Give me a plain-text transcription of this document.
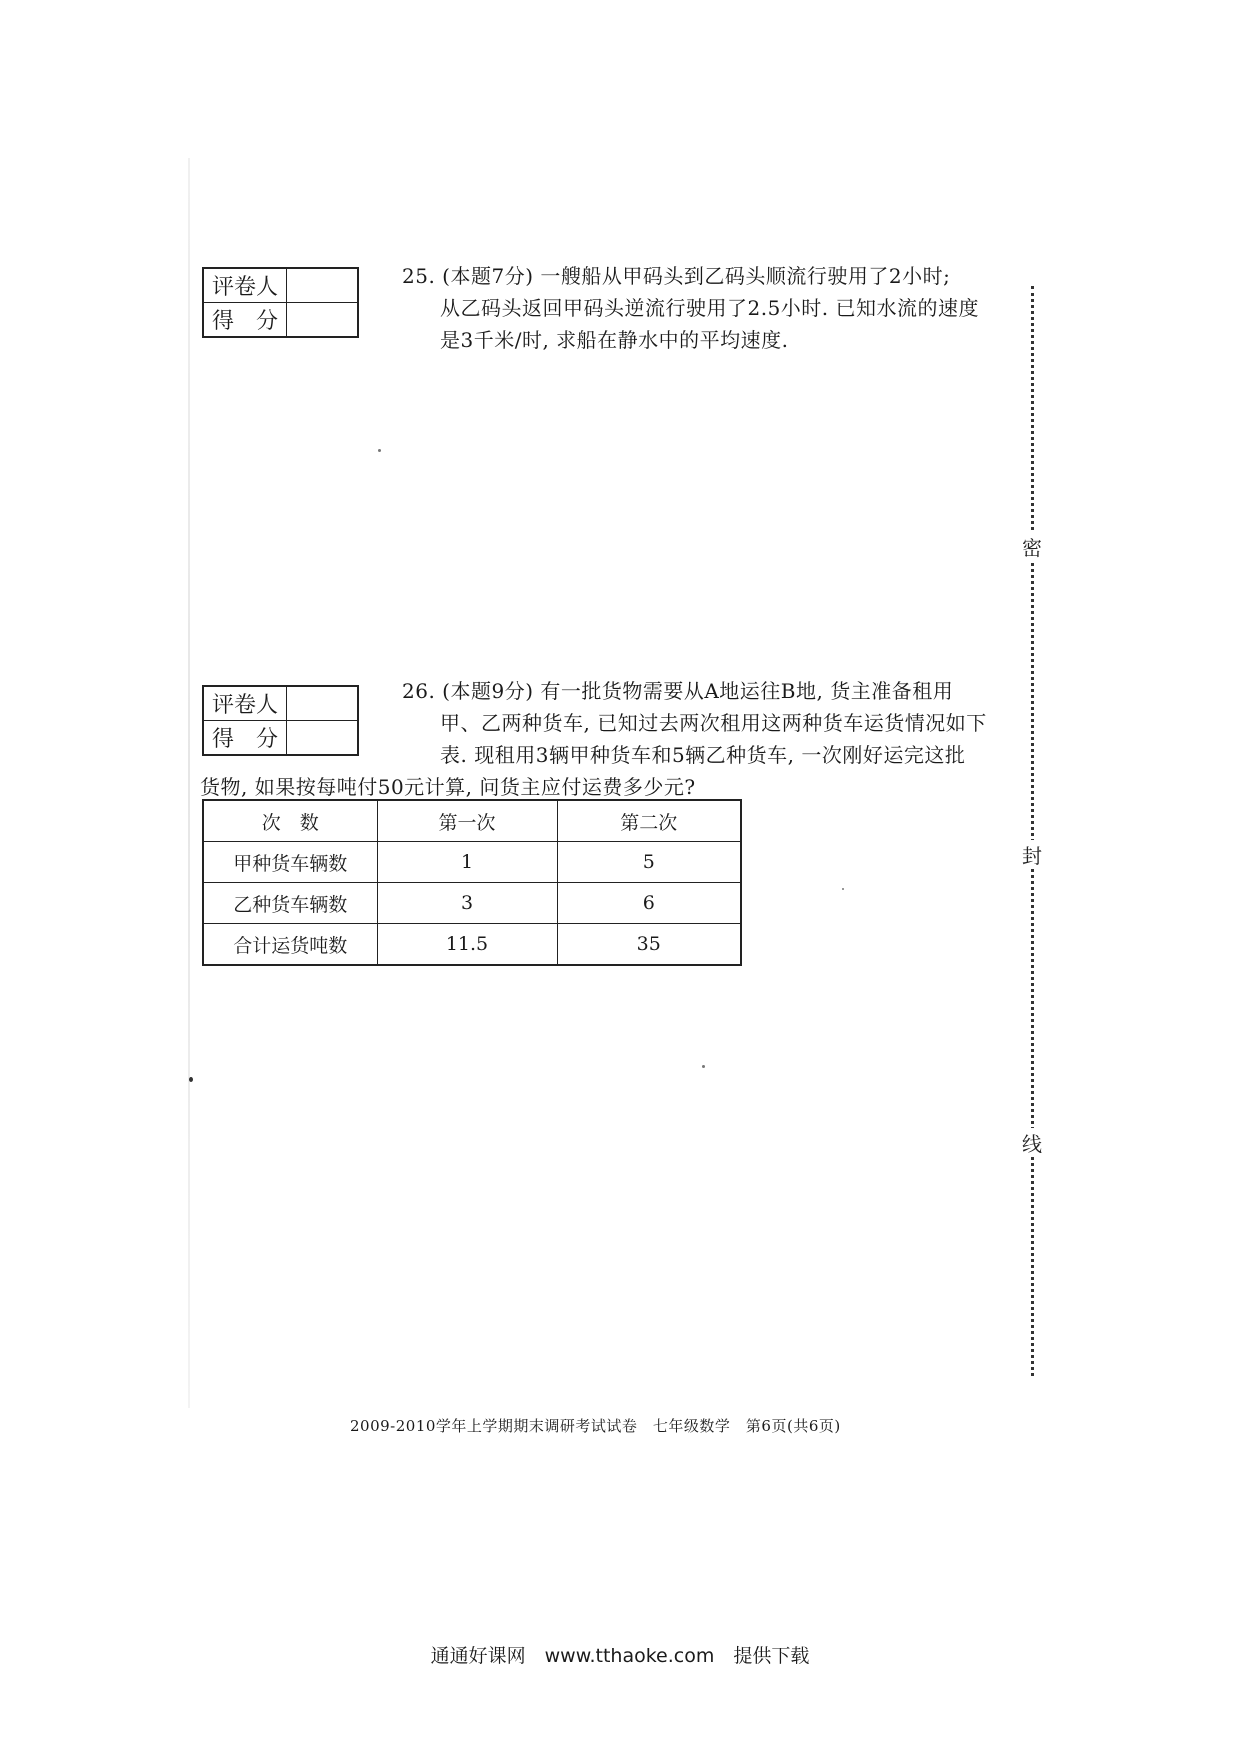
评卷人	
得　分	
25. (本题7分) 一艘船从甲码头到乙码头顺流行驶用了2小时;
从乙码头返回甲码头逆流行驶用了2.5小时. 已知水流的速度
是3千米/时, 求船在静水中的平均速度.
评卷人	
得　分	
26. (本题9分) 有一批货物需要从A地运往B地, 货主准备租用
甲、乙两种货车, 已知过去两次租用这两种货车运货情况如下
表. 现租用3辆甲种货车和5辆乙种货车, 一次刚好运完这批
货物, 如果按每吨付50元计算, 问货主应付运费多少元?
次　数	第一次	第二次
甲种货车辆数	1	5
乙种货车辆数	3	6
合计运货吨数	11.5	35
密
封
线
2009-2010学年上学期期末调研考试试卷　七年级数学　第6页(共6页)
通通好课网　www.tthaoke.com　提供下载
